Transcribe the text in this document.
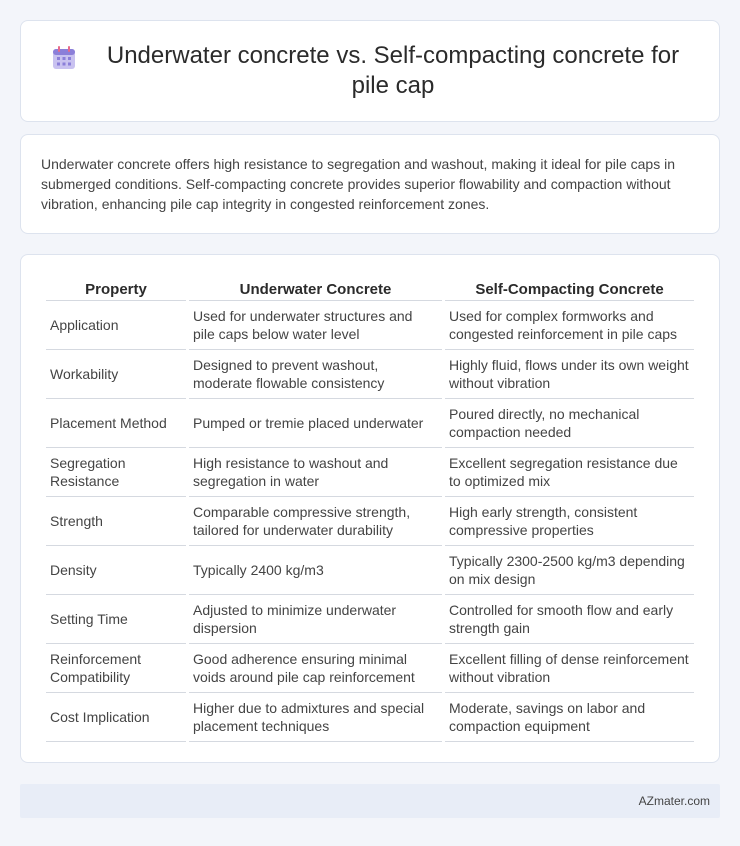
Underwater concrete vs. Self-compacting concrete for pile cap

Underwater concrete offers high resistance to segregation and washout, making it ideal for pile caps in submerged conditions. Self-compacting concrete provides superior flowability and compaction without vibration, enhancing pile cap integrity in congested reinforcement zones.

Property	Underwater Concrete	Self-Compacting Concrete
Application	Used for underwater structures and pile caps below water level	Used for complex formworks and congested reinforcement in pile caps
Workability	Designed to prevent washout, moderate flowable consistency	Highly fluid, flows under its own weight without vibration
Placement Method	Pumped or tremie placed underwater	Poured directly, no mechanical compaction needed
Segregation Resistance	High resistance to washout and segregation in water	Excellent segregation resistance due to optimized mix
Strength	Comparable compressive strength, tailored for underwater durability	High early strength, consistent compressive properties
Density	Typically 2400 kg/m3	Typically 2300-2500 kg/m3 depending on mix design
Setting Time	Adjusted to minimize underwater dispersion	Controlled for smooth flow and early strength gain
Reinforcement Compatibility	Good adherence ensuring minimal voids around pile cap reinforcement	Excellent filling of dense reinforcement without vibration
Cost Implication	Higher due to admixtures and special placement techniques	Moderate, savings on labor and compaction equipment
AZmater.com
